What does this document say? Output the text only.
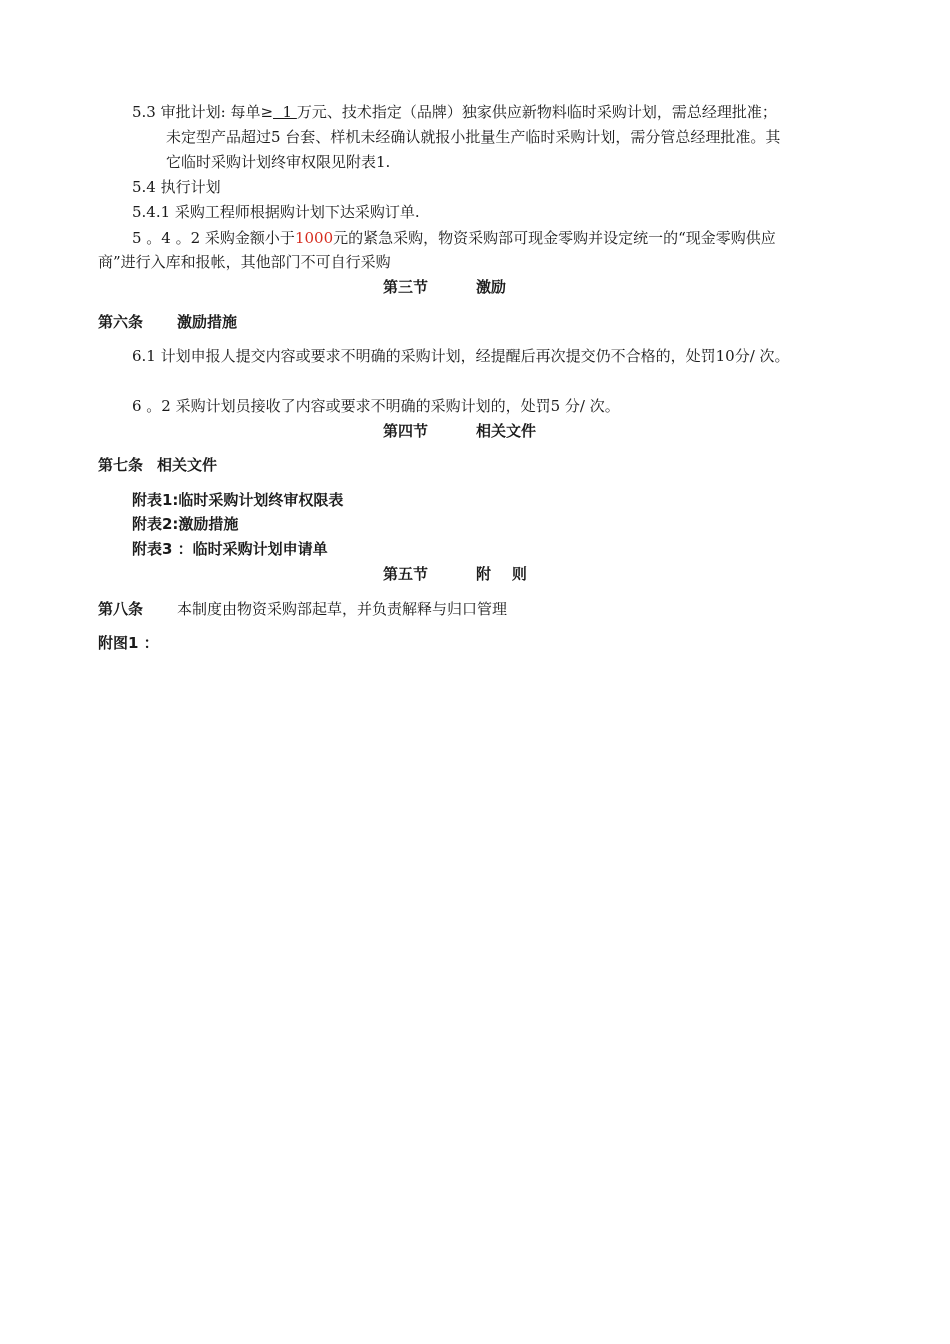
5.3 审批计划: 每单≥  1 万元、技术指定（品牌）独家供应新物料临时采购计划，需总经理批准；
未定型产品超过5 台套、样机未经确认就报小批量生产临时采购计划，需分管总经理批准。其
它临时采购计划终审权限见附表1.
5.4 执行计划
5.4.1 采购工程师根据购计划下达采购订单.
5 。4 。2 采购金额小于1000元的紧急采购，物资采购部可现金零购并设定统一的“现金零购供应
商”进行入库和报帐，其他部门不可自行采购
第三节	激励
第六条 激励措施
6.1 计划申报人提交内容或要求不明确的采购计划，经提醒后再次提交仍不合格的，处罚10分/ 次。
6 。2 采购计划员接收了内容或要求不明确的采购计划的，处罚5 分/ 次。
第四节	相关文件
第七条 相关文件
附表1:临时采购计划终审权限表
附表2:激励措施
附表3 ：临时采购计划申请单
第五节	附    则
第八条 本制度由物资采购部起草，并负责解释与归口管理
附图1 ：
